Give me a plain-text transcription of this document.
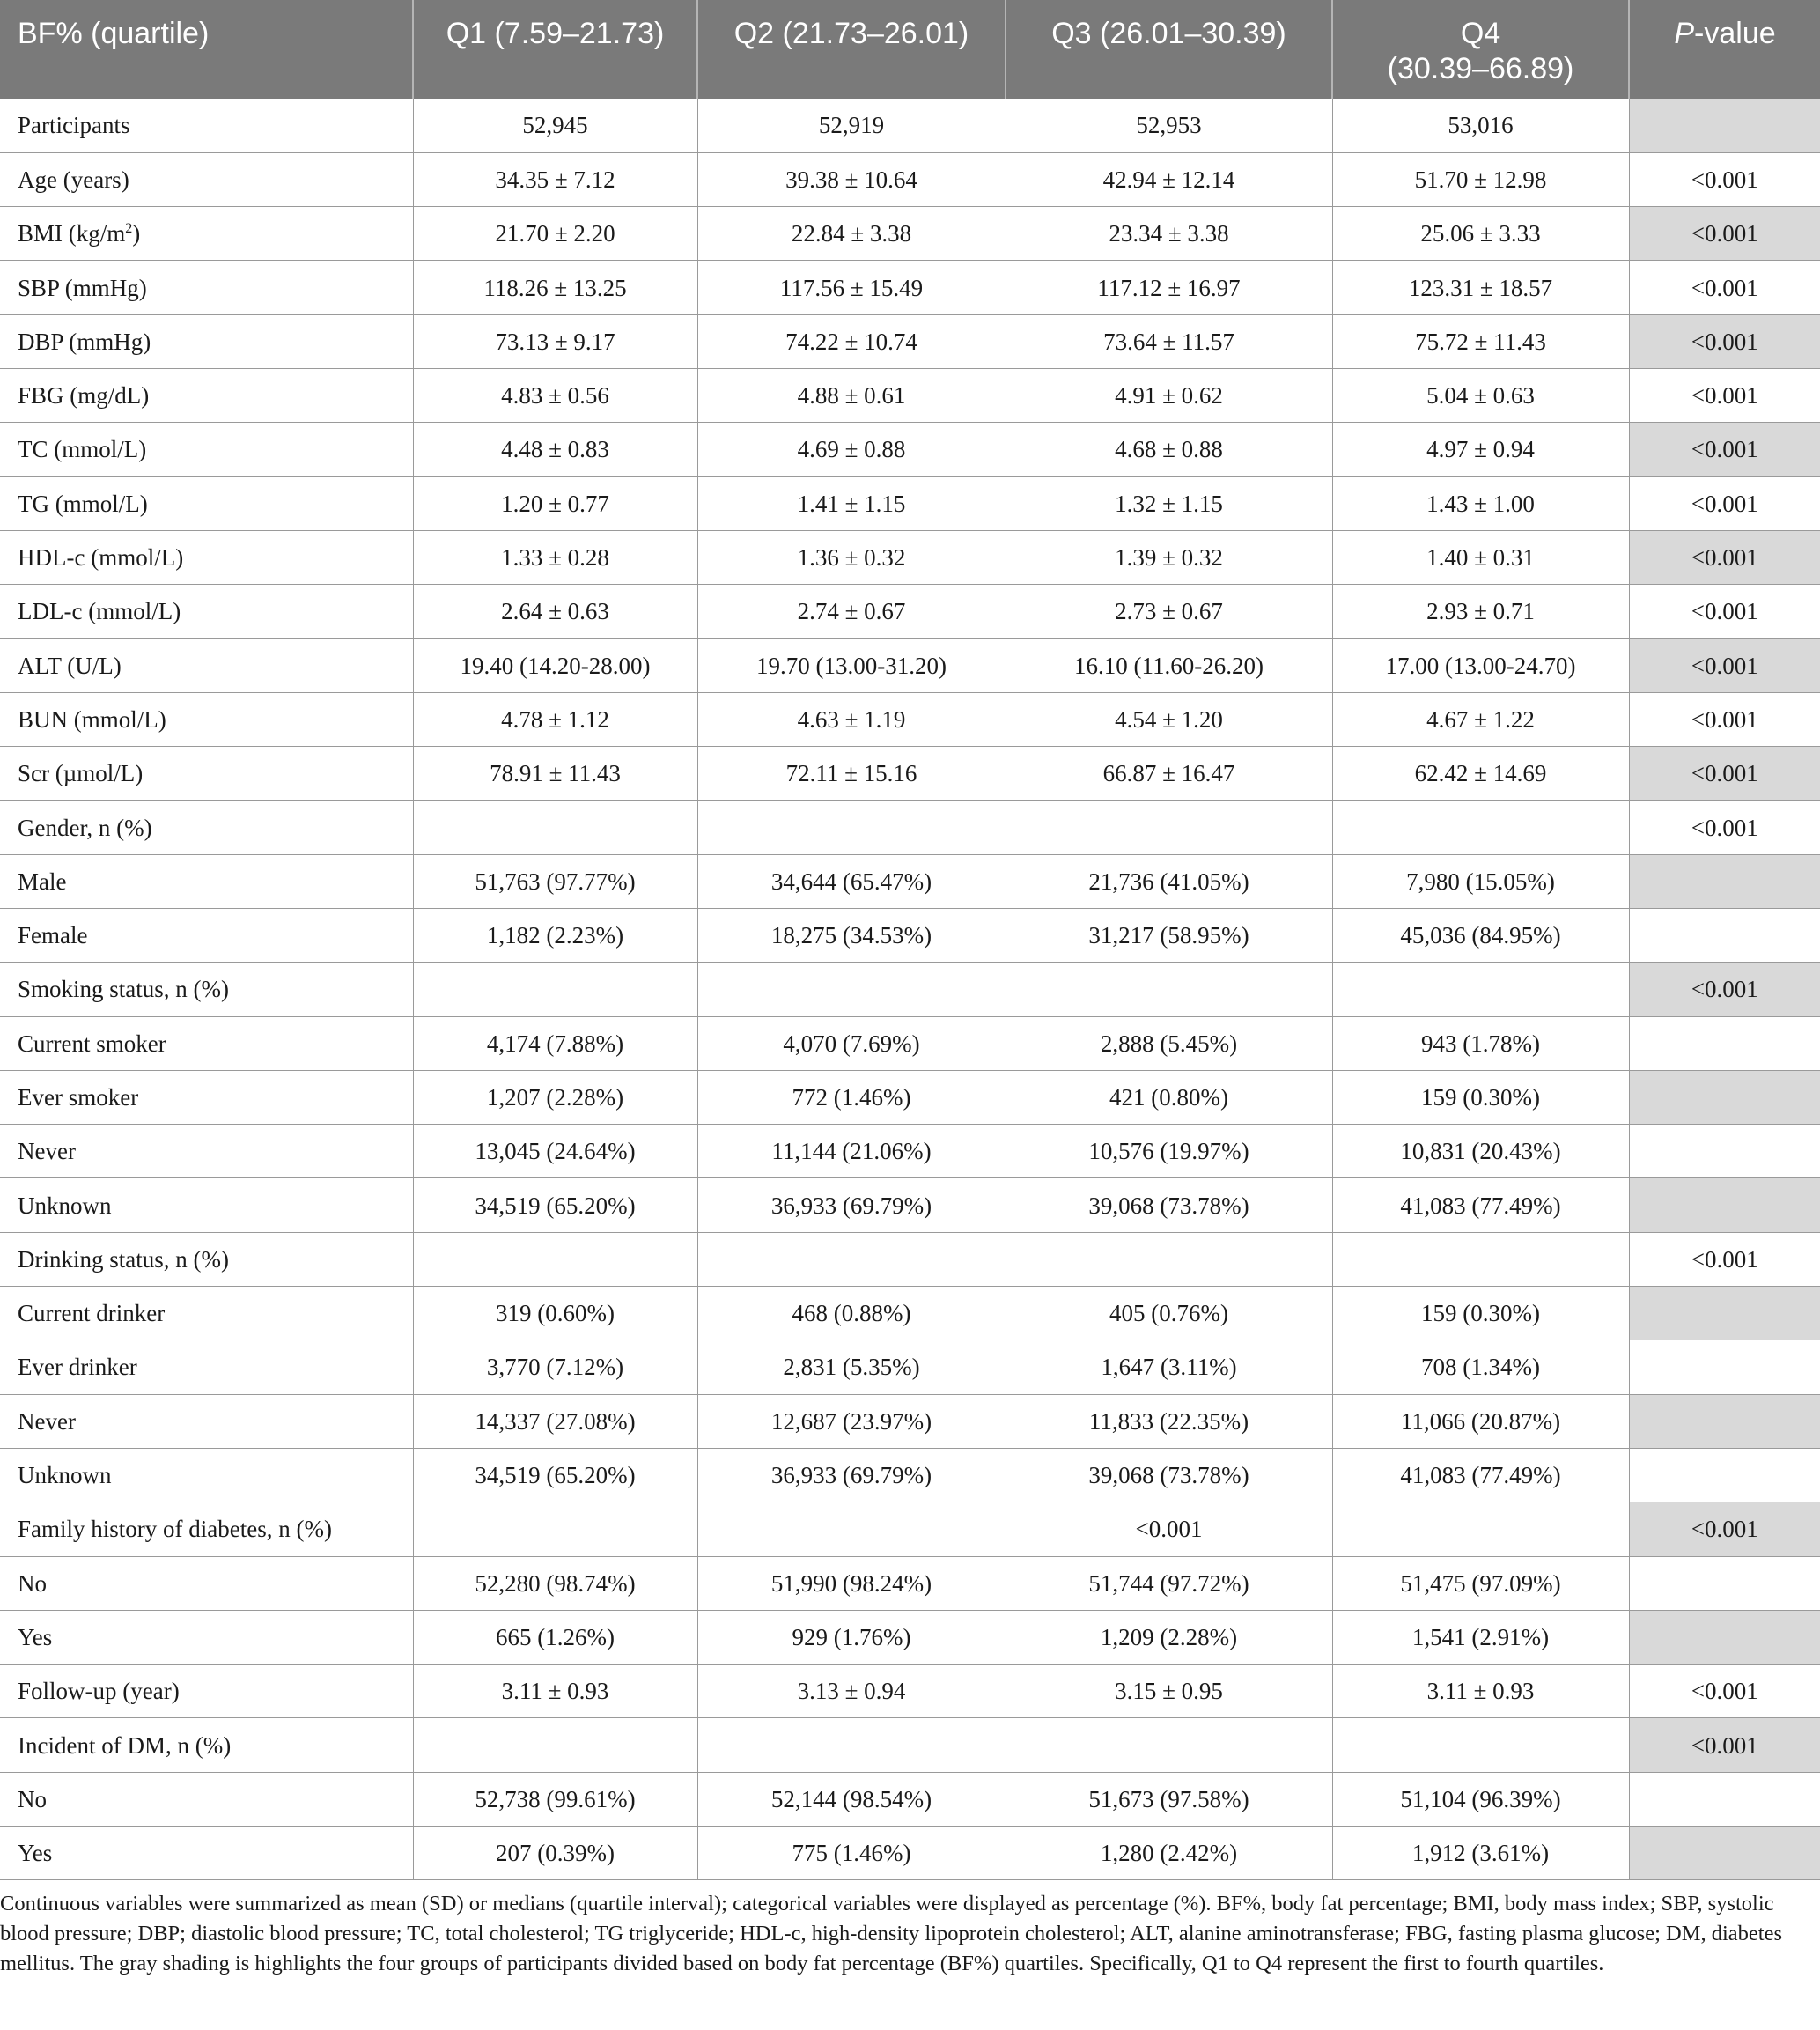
BF% (quartile)	Q1 (7.59–21.73)	Q2 (21.73–26.01)	Q3 (26.01–30.39)	Q4
(30.39–66.89)	P-value
Participants	52,945	52,919	52,953	53,016	
Age (years)	34.35 ± 7.12	39.38 ± 10.64	42.94 ± 12.14	51.70 ± 12.98	<0.001
BMI $(kg/m^2)$	21.70 ± 2.20	22.84 ± 3.38	23.34 ± 3.38	25.06 ± 3.33	<0.001
SBP (mmHg)	118.26 ± 13.25	117.56 ± 15.49	117.12 ± 16.97	123.31 ± 18.57	<0.001
DBP (mmHg)	73.13 ± 9.17	74.22 ± 10.74	73.64 ± 11.57	75.72 ± 11.43	<0.001
FBG (mg/dL)	4.83 ± 0.56	4.88 ± 0.61	4.91 ± 0.62	5.04 ± 0.63	<0.001
TC (mmol/L)	4.48 ± 0.83	4.69 ± 0.88	4.68 ± 0.88	4.97 ± 0.94	<0.001
TG (mmol/L)	1.20 ± 0.77	1.41 ± 1.15	1.32 ± 1.15	1.43 ± 1.00	<0.001
HDL-c (mmol/L)	1.33 ± 0.28	1.36 ± 0.32	1.39 ± 0.32	1.40 ± 0.31	<0.001
LDL-c (mmol/L)	2.64 ± 0.63	2.74 ± 0.67	2.73 ± 0.67	2.93 ± 0.71	<0.001
ALT (U/L)	19.40 (14.20-28.00)	19.70 (13.00-31.20)	16.10 (11.60-26.20)	17.00 (13.00-24.70)	<0.001
BUN (mmol/L)	4.78 ± 1.12	4.63 ± 1.19	4.54 ± 1.20	4.67 ± 1.22	<0.001
Scr (µmol/L)	78.91 ± 11.43	72.11 ± 15.16	66.87 ± 16.47	62.42 ± 14.69	<0.001
Gender, n (%)					<0.001
Male	51,763 (97.77%)	34,644 (65.47%)	21,736 (41.05%)	7,980 (15.05%)	
Female	1,182 (2.23%)	18,275 (34.53%)	31,217 (58.95%)	45,036 (84.95%)	
Smoking status, n (%)					<0.001
Current smoker	4,174 (7.88%)	4,070 (7.69%)	2,888 (5.45%)	943 (1.78%)	
Ever smoker	1,207 (2.28%)	772 (1.46%)	421 (0.80%)	159 (0.30%)	
Never	13,045 (24.64%)	11,144 (21.06%)	10,576 (19.97%)	10,831 (20.43%)	
Unknown	34,519 (65.20%)	36,933 (69.79%)	39,068 (73.78%)	41,083 (77.49%)	
Drinking status, n (%)					<0.001
Current drinker	319 (0.60%)	468 (0.88%)	405 (0.76%)	159 (0.30%)	
Ever drinker	3,770 (7.12%)	2,831 (5.35%)	1,647 (3.11%)	708 (1.34%)	
Never	14,337 (27.08%)	12,687 (23.97%)	11,833 (22.35%)	11,066 (20.87%)	
Unknown	34,519 (65.20%)	36,933 (69.79%)	39,068 (73.78%)	41,083 (77.49%)	
Family history of diabetes, n (%)			<0.001		<0.001
No	52,280 (98.74%)	51,990 (98.24%)	51,744 (97.72%)	51,475 (97.09%)	
Yes	665 (1.26%)	929 (1.76%)	1,209 (2.28%)	1,541 (2.91%)	
Follow-up (year)	3.11 ± 0.93	3.13 ± 0.94	3.15 ± 0.95	3.11 ± 0.93	<0.001
Incident of DM, n (%)					<0.001
No	52,738 (99.61%)	52,144 (98.54%)	51,673 (97.58%)	51,104 (96.39%)	
Yes	207 (0.39%)	775 (1.46%)	1,280 (2.42%)	1,912 (3.61%)	
Continuous variables were summarized as mean (SD) or medians (quartile interval); categorical variables were displayed as percentage (%). BF%, body fat percentage; BMI, body mass index; SBP, systolic blood pressure; DBP; diastolic blood pressure; TC, total cholesterol; TG triglyceride; HDL-c, high-density lipoprotein cholesterol; ALT, alanine aminotransferase; FBG, fasting plasma glucose; DM, diabetes mellitus. The gray shading is highlights the four groups of participants divided based on body fat percentage (BF%) quartiles. Specifically, Q1 to Q4 represent the first to fourth quartiles.
